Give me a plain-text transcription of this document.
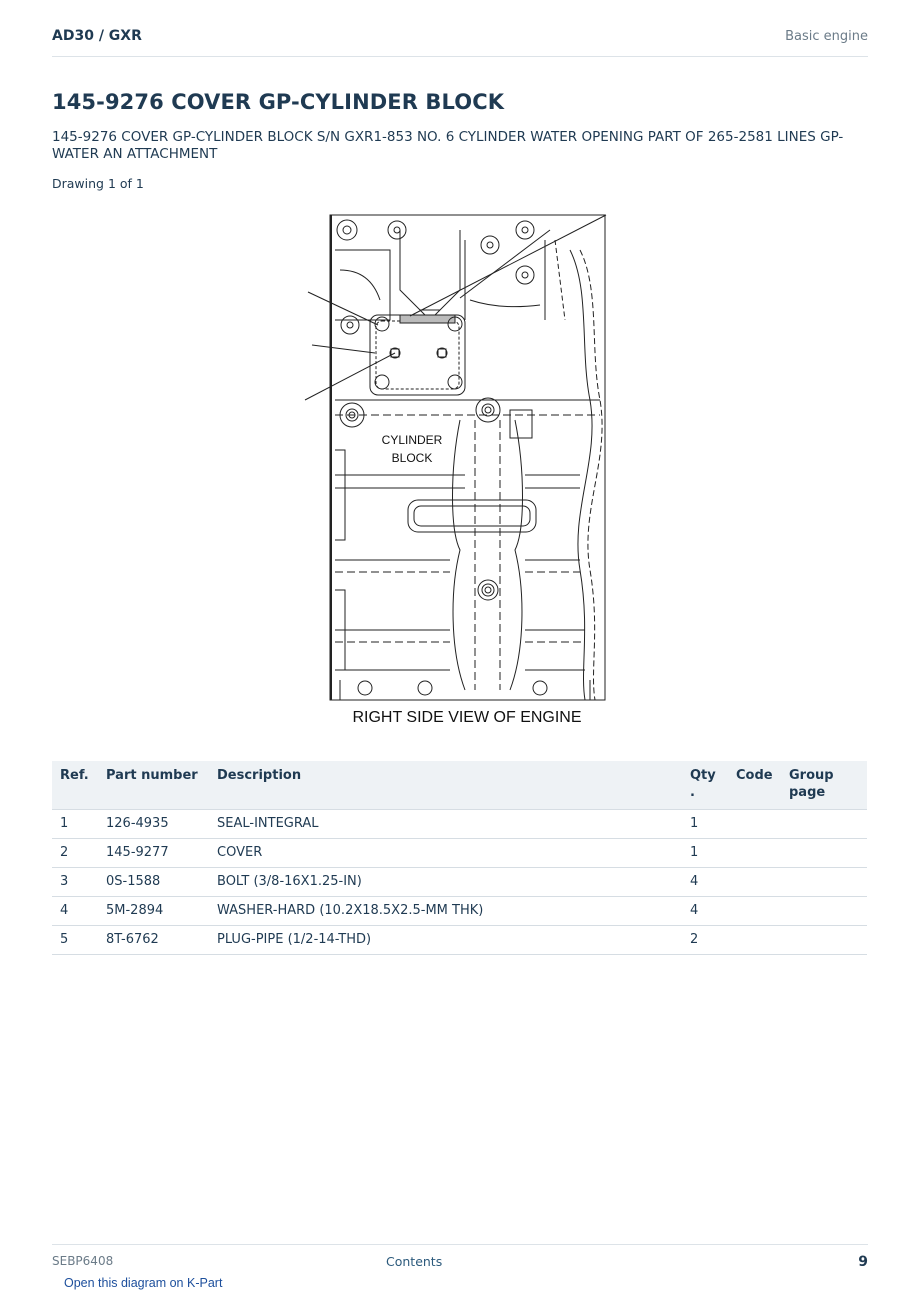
AD30 / GXR	Basic engine
145-9276 COVER GP-CYLINDER BLOCK
145-9276 COVER GP-CYLINDER BLOCK S/N GXR1-853 NO. 6 CYLINDER WATER OPENING PART OF 265-2581 LINES GP-WATER AN ATTACHMENT
Drawing 1 of 1
CYLINDER
BLOCK
RIGHT SIDE VIEW OF ENGINE
Ref.	Part number	Description	Qty .	Code	Group page
1	126-4935	SEAL-INTEGRAL	1		
2	145-9277	COVER	1		
3	0S-1588	BOLT (3/8-16X1.25-IN)	4		
4	5M-2894	WASHER-HARD (10.2X18.5X2.5-MM THK)	4		
5	8T-6762	PLUG-PIPE (1/2-14-THD)	2		
SEBP6408	Contents	9
Open this diagram on K-Part
